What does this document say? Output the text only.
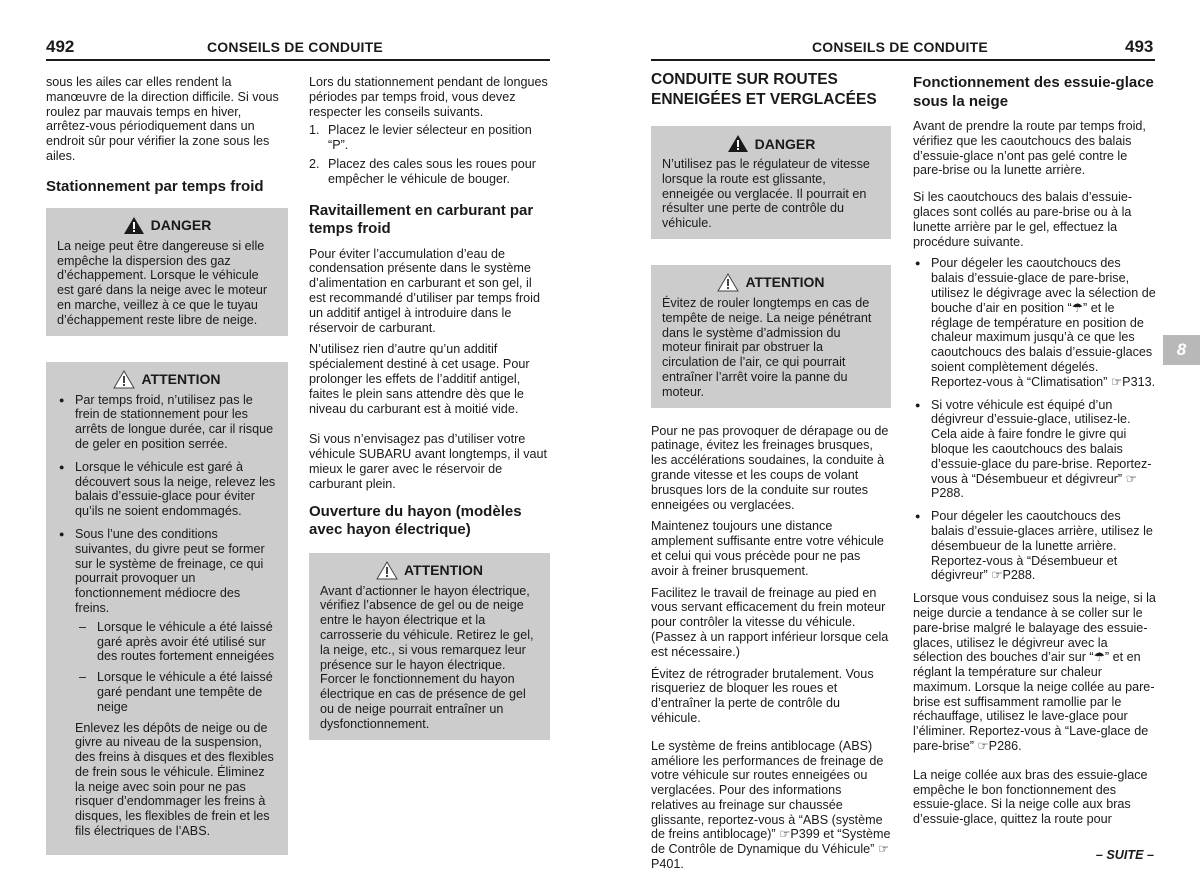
492	CONSEILS DE CONDUITE	CONSEILS DE CONDUITE	493

sous les ailes car elles rendent la manœuvre de la direction difficile. Si vous roulez par mauvais temps en hiver, arrêtez-vous périodiquement dans un endroit sûr pour vérifier la zone sous les ailes.

Stationnement par temps froid
DANGER
La neige peut être dangereuse si elle empêche la dispersion des gaz d’échappement. Lorsque le véhicule est garé dans la neige avec le moteur en marche, veillez à ce que le tuyau d’échappement reste libre de neige.
ATTENTION
● Par temps froid, n’utilisez pas le frein de stationnement pour les arrêts de longue durée, car il risque de geler en position serrée.
● Lorsque le véhicule est garé à découvert sous la neige, relevez les balais d’essuie-glace pour éviter qu’ils ne soient endommagés.
● Sous l’une des conditions suivantes, du givre peut se former sur le système de freinage, ce qui pourrait provoquer un fonctionnement médiocre des freins.
– Lorsque le véhicule a été laissé garé après avoir été utilisé sur des routes fortement enneigées
– Lorsque le véhicule a été laissé garé pendant une tempête de neige
Enlevez les dépôts de neige ou de givre au niveau de la suspension, des freins à disques et des flexibles de frein sous le véhicule. Éliminez la neige avec soin pour ne pas risquer d’endommager les freins à disques, les flexibles de frein et les fils électriques de l’ABS.

Lors du stationnement pendant de longues périodes par temps froid, vous devez respecter les conseils suivants.

1. Placez le levier sélecteur en position “P”.
2. Placez des cales sous les roues pour empêcher le véhicule de bouger.
Ravitaillement en carburant par temps froid

Pour éviter l’accumulation d’eau de condensation présente dans le système d’alimentation en carburant et son gel, il est recommandé d’utiliser par temps froid un additif antigel à introduire dans le réservoir de carburant.

N’utilisez rien d’autre qu’un additif spécialement destiné à cet usage. Pour prolonger les effets de l’additif antigel, faites le plein sans attendre dès que le niveau du carburant est à moitié vide.

Si vous n’envisagez pas d’utiliser votre véhicule SUBARU avant longtemps, il vaut mieux le garer avec le réservoir de carburant plein.

Ouverture du hayon (modèles avec hayon électrique)
ATTENTION
Avant d’actionner le hayon électrique, vérifiez l’absence de gel ou de neige entre le hayon électrique et la carrosserie du véhicule. Retirez le gel, la neige, etc., si vous remarquez leur présence sur le hayon électrique. Forcer le fonctionnement du hayon électrique en cas de présence de gel ou de neige pourrait entraîner un dysfonctionnement.
CONDUITE SUR ROUTES ENNEIGÉES ET VERGLACÉES
DANGER
N’utilisez pas le régulateur de vitesse lorsque la route est glissante, enneigée ou verglacée. Il pourrait en résulter une perte de contrôle du véhicule.
ATTENTION
Évitez de rouler longtemps en cas de tempête de neige. La neige pénétrant dans le système d’admission du moteur finirait par obstruer la circulation de l’air, ce qui pourrait entraîner l’arrêt voire la panne du moteur.

Pour ne pas provoquer de dérapage ou de patinage, évitez les freinages brusques, les accélérations soudaines, la conduite à grande vitesse et les coups de volant brusques lors de la conduite sur routes enneigées ou verglacées.

Maintenez toujours une distance amplement suffisante entre votre véhicule et celui qui vous précède pour ne pas avoir à freiner brusquement.

Facilitez le travail de freinage au pied en vous servant efficacement du frein moteur pour contrôler la vitesse du véhicule. (Passez à un rapport inférieur lorsque cela est nécessaire.)

Évitez de rétrograder brutalement. Vous risqueriez de bloquer les roues et d’entraîner la perte de contrôle du véhicule.

Le système de freins antiblocage (ABS) améliore les performances de freinage de votre véhicule sur routes enneigées ou verglacées. Pour des informations relatives au freinage sur chaussée glissante, reportez-vous à “ABS (système de freins antiblocage)” ☞P399 et “Système de Contrôle de Dynamique du Véhicule” ☞P401.

Fonctionnement des essuie-glace sous la neige

Avant de prendre la route par temps froid, vérifiez que les caoutchoucs des balais d’essuie-glace n’ont pas gelé contre le pare-brise ou la lunette arrière.

Si les caoutchoucs des balais d’essuie-glaces sont collés au pare-brise ou à la lunette arrière par le gel, effectuez la procédure suivante.

● Pour dégeler les caoutchoucs des balais d’essuie-glace de pare-brise, utilisez le dégivrage avec la sélection de bouche d’air en position “☂” et le réglage de température en position de chaleur maximum jusqu’à ce que les caoutchoucs des balais d’essuie-glaces soient complètement dégelés. Reportez-vous à “Climatisation” ☞P313.
● Si votre véhicule est équipé d’un dégivreur d’essuie-glace, utilisez-le. Cela aide à faire fondre le givre qui bloque les caoutchoucs des balais d’essuie-glace du pare-brise. Reportez-vous à “Désembueur et dégivreur” ☞P288.
● Pour dégeler les caoutchoucs des balais d’essuie-glaces arrière, utilisez le désembueur de la lunette arrière. Reportez-vous à “Désembueur et dégivreur” ☞P288.

Lorsque vous conduisez sous la neige, si la neige durcie a tendance à se coller sur le pare-brise malgré le balayage des essuie-glaces, utilisez le dégivreur avec la sélection des bouches d’air sur “☂” et en réglant la température sur chaleur maximum. Lorsque la neige collée au pare-brise est suffisamment ramollie par le réchauffage, utilisez le lave-glace pour l’éliminer. Reportez-vous à “Lave-glace de pare-brise” ☞P286.

La neige collée aux bras des essuie-glace empêche le bon fonctionnement des essuie-glace. Si la neige colle aux bras d’essuie-glace, quittez la route pour

8
– SUITE –
